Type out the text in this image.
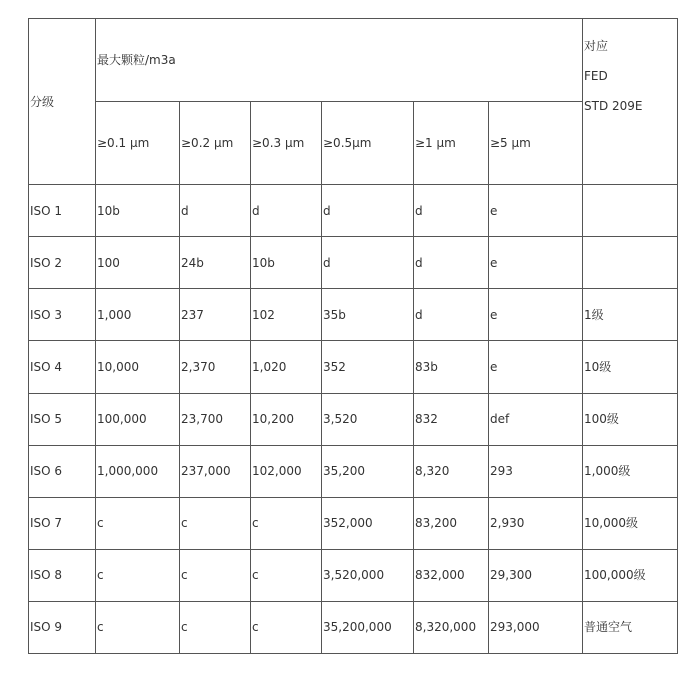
分级	最大颗粒/m3a						对应
FED
STD 209E

	≥0.1 μm	≥0.2 μm	≥0.3 μm	≥0.5μm	≥1 μm	≥5 μm	
ISO 1	10b	d	d	d	d	e	
ISO 2	100	24b	10b	d	d	e	
ISO 3	1,000	237	102	35b	d	e	1级
ISO 4	10,000	2,370	1,020	352	83b	e	10级
ISO 5	100,000	23,700	10,200	3,520	832	def	100级
ISO 6	1,000,000	237,000	102,000	35,200	8,320	293	1,000级
ISO 7	c	c	c	352,000	83,200	2,930	10,000级
ISO 8	c	c	c	3,520,000	832,000	29,300	100,000级
ISO 9	c	c	c	35,200,000	8,320,000	293,000	普通空气
